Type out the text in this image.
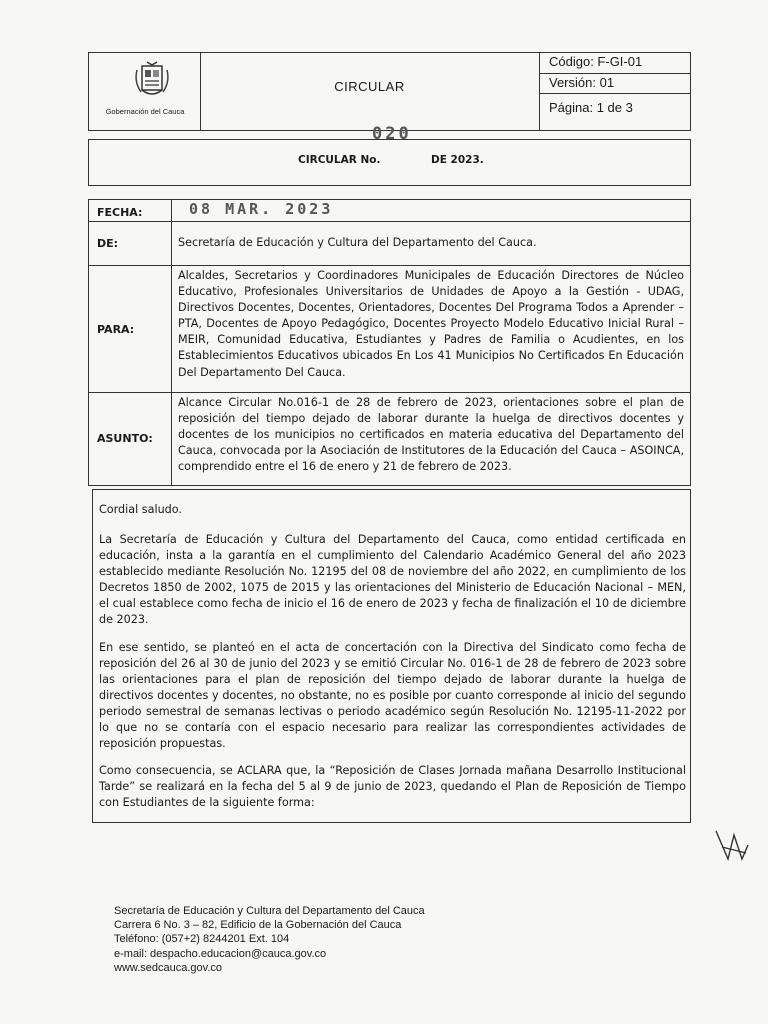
Gobernación del Cauca
CIRCULAR
Código: F-GI-01
Versión: 01
Página: 1 de 3
020
CIRCULAR No.	DE 2023.
FECHA:	08 MAR. 2023
DE:	Secretaría de Educación y Cultura del Departamento del Cauca.
PARA:
Alcaldes, Secretarios y Coordinadores Municipales de Educación Directores de Núcleo Educativo, Profesionales Universitarios de Unidades de Apoyo a la Gestión - UDAG, Directivos Docentes, Docentes, Orientadores, Docentes Del Programa Todos a Aprender – PTA, Docentes de Apoyo Pedagógico, Docentes Proyecto Modelo Educativo Inicial Rural – MEIR, Comunidad Educativa, Estudiantes y Padres de Familia o Acudientes, en los Establecimientos Educativos ubicados En Los 41 Municipios No Certificados En Educación Del Departamento Del Cauca.
ASUNTO:
Alcance Circular No.016-1 de 28 de febrero de 2023, orientaciones sobre el plan de reposición del tiempo dejado de laborar durante la huelga de directivos docentes y docentes de los municipios no certificados en materia educativa del Departamento del Cauca, convocada por la Asociación de Institutores de la Educación del Cauca – ASOINCA, comprendido entre el 16 de enero y 21 de febrero de 2023.
Cordial saludo.
La Secretaría de Educación y Cultura del Departamento del Cauca, como entidad certificada en educación, insta a la garantía en el cumplimiento del Calendario Académico General del año 2023 establecido mediante Resolución No. 12195 del 08 de noviembre del año 2022, en cumplimiento de los Decretos 1850 de 2002, 1075 de 2015 y las orientaciones del Ministerio de Educación Nacional – MEN, el cual establece como fecha de inicio el 16 de enero de 2023 y fecha de finalización el 10 de diciembre de 2023.
En ese sentido, se planteó en el acta de concertación con la Directiva del Sindicato como fecha de reposición del 26 al 30 de junio del 2023 y se emitió Circular No. 016-1 de 28 de febrero de 2023 sobre las orientaciones para el plan de reposición del tiempo dejado de laborar durante la huelga de directivos docentes y docentes, no obstante, no es posible por cuanto corresponde al inicio del segundo periodo semestral de semanas lectivas o periodo académico según Resolución No. 12195-11-2022 por lo que no se contaría con el espacio necesario para realizar las correspondientes actividades de reposición propuestas.
Como consecuencia, se ACLARA que, la “Reposición de Clases Jornada mañana Desarrollo Institucional Tarde” se realizará en la fecha del 5 al 9 de junio de 2023, quedando el Plan de Reposición de Tiempo con Estudiantes de la siguiente forma:
Secretaría de Educación y Cultura del Departamento del Cauca
Carrera 6 No. 3 – 82, Edificio de la Gobernación del Cauca
Teléfono: (057+2) 8244201 Ext. 104
e-mail: despacho.educacion@cauca.gov.co
www.sedcauca.gov.co
